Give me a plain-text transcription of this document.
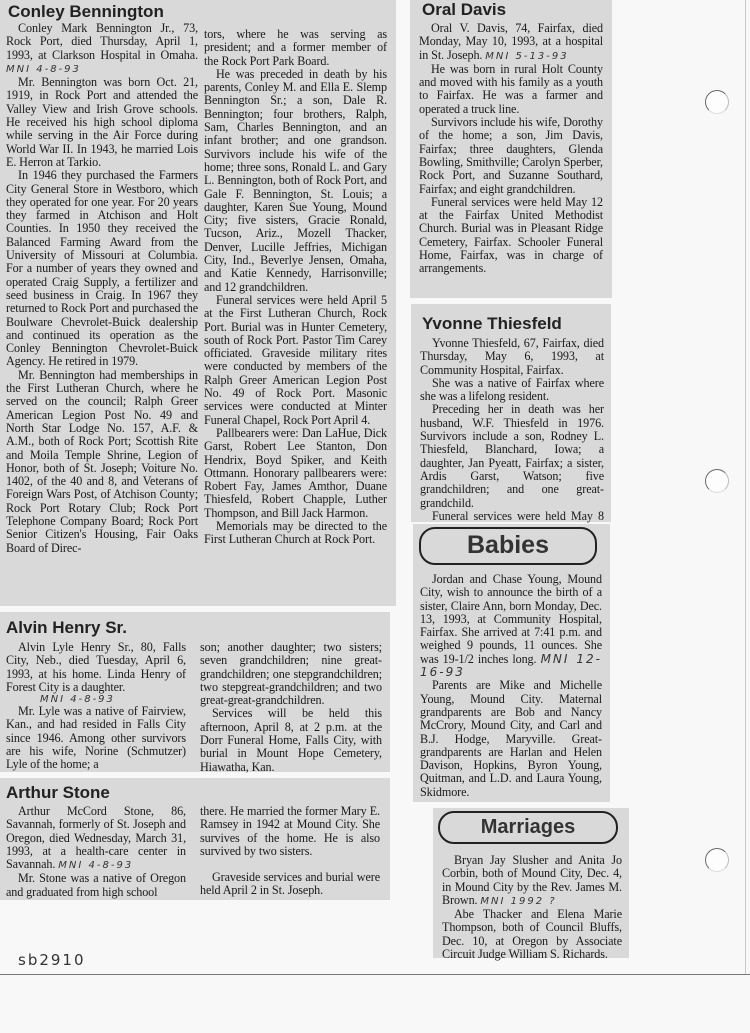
Conley Bennington

Conley Mark Bennington Jr., 73, Rock Port, died Thursday, April 1, 1993, at Clarkson Hospital in Omaha. MNI 4-8-93

Mr. Bennington was born Oct. 21, 1919, in Rock Port and attended the Valley View and Irish Grove schools. He received his high school diploma while serving in the Air Force during World War II. In 1943, he married Lois E. Herron at Tarkio.

In 1946 they purchased the Farmers City General Store in Westboro, which they operated for one year. For 20 years they farmed in Atchison and Holt Counties. In 1950 they received the Balanced Farming Award from the University of Missouri at Columbia. For a number of years they owned and operated Craig Supply, a fertilizer and seed business in Craig. In 1967 they returned to Rock Port and purchased the Boulware Chevrolet-Buick dealership and continued its operation as the Conley Bennington Chevrolet-Buick Agency. He retired in 1979.

Mr. Bennington had memberships in the First Lutheran Church, where he served on the council; Ralph Greer American Legion Post No. 49 and North Star Lodge No. 157, A.F. & A.M., both of Rock Port; Scottish Rite and Moila Temple Shrine, Legion of Honor, both of St. Joseph; Voiture No. 1402, of the 40 and 8, and Veterans of Foreign Wars Post, of Atchison County; Rock Port Rotary Club; Rock Port Telephone Company Board; Rock Port Senior Citizen's Housing, Fair Oaks Board of Direc-

tors, where he was serving as president; and a former member of the Rock Port Park Board.

He was preceded in death by his parents, Conley M. and Ella E. Slemp Bennington Sr.; a son, Dale R. Bennington; four brothers, Ralph, Sam, Charles Bennington, and an infant brother; and one grandson. Survivors include his wife of the home; three sons, Ronald L. and Gary L. Bennington, both of Rock Port, and Gale F. Bennington, St. Louis; a daughter, Karen Sue Young, Mound City; five sisters, Gracie Ronald, Tucson, Ariz., Mozell Thacker, Denver, Lucille Jeffries, Michigan City, Ind., Beverlye Jensen, Omaha, and Katie Kennedy, Harrisonville; and 12 grandchildren.

Funeral services were held April 5 at the First Lutheran Church, Rock Port. Burial was in Hunter Cemetery, south of Rock Port. Pastor Tim Carey officiated. Graveside military rites were conducted by members of the Ralph Greer American Legion Post No. 49 of Rock Port. Masonic services were conducted at Minter Funeral Chapel, Rock Port April 4.

Pallbearers were: Dan LaHue, Dick Garst, Robert Lee Stanton, Don Hendrix, Boyd Spiker, and Keith Ottmann. Honorary pallbearers were: Robert Fay, James Amthor, Duane Thiesfeld, Robert Chapple, Luther Thompson, and Bill Jack Harmon.

Memorials may be directed to the First Lutheran Church at Rock Port.

Alvin Henry Sr.

Alvin Lyle Henry Sr., 80, Falls City, Neb., died Tuesday, April 6, 1993, at his home. Linda Henry of Forest City is a daughter.

MNI 4-8-93

Mr. Lyle was a native of Fairview, Kan., and had resided in Falls City since 1946. Among other survivors are his wife, Norine (Schmutzer) Lyle of the home; a

son; another daughter; two sisters; seven grandchildren; nine great-grandchildren; one stepgrandchildren; two stepgreat-grandchildren; and two great-great-grandchildren.

Services will be held this afternoon, April 8, at 2 p.m. at the Dorr Funeral Home, Falls City, with burial in Mount Hope Cemetery, Hiawatha, Kan.

Arthur Stone

Arthur McCord Stone, 86, Savannah, formerly of St. Joseph and Oregon, died Wednesday, March 31, 1993, at a health-care center in Savannah. MNI 4-8-93

Mr. Stone was a native of Oregon and graduated from high school

there. He married the former Mary E. Ramsey in 1942 at Mound City. She survives of the home. He is also survived by two sisters.

Graveside services and burial were held April 2 in St. Joseph.

Oral Davis

Oral V. Davis, 74, Fairfax, died Monday, May 10, 1993, at a hospital in St. Joseph. MNI 5-13-93

He was born in rural Holt County and moved with his family as a youth to Fairfax. He was a farmer and operated a truck line.

Survivors include his wife, Dorothy of the home; a son, Jim Davis, Fairfax; three daughters, Glenda Bowling, Smithville; Carolyn Sperber, Rock Port, and Suzanne Southard, Fairfax; and eight grandchildren.

Funeral services were held May 12 at the Fairfax United Methodist Church. Burial was in Pleasant Ridge Cemetery, Fairfax. Schooler Funeral Home, Fairfax, was in charge of arrangements.

Yvonne Thiesfeld

Yvonne Thiesfeld, 67, Fairfax, died Thursday, May 6, 1993, at Community Hospital, Fairfax.

She was a native of Fairfax where she was a lifelong resident.

Preceding her in death was her husband, W.F. Thiesfeld in 1976. Survivors include a son, Rodney L. Thiesfeld, Blanchard, Iowa; a daughter, Jan Pyeatt, Fairfax; a sister, Ardis Garst, Watson; five grandchildren; and one great-grandchild.

Funeral services were held May 8

Babies

Jordan and Chase Young, Mound City, wish to announce the birth of a sister, Claire Ann, born Monday, Dec. 13, 1993, at Community Hospital, Fairfax. She arrived at 7:41 p.m. and weighed 9 pounds, 11 ounces. She was 19-1/2 inches long. MNI 12-16-93

Parents are Mike and Michelle Young, Mound City. Maternal grandparents are Bob and Nancy McCrory, Mound City, and Carl and B.J. Hodge, Maryville. Great-grandparents are Harlan and Helen Davison, Hopkins, Byron Young, Quitman, and L.D. and Laura Young, Skidmore.

Marriages

Bryan Jay Slusher and Anita Jo Corbin, both of Mound City, Dec. 4, in Mound City by the Rev. James M. Brown. MNI 1992 ?

Abe Thacker and Elena Marie Thompson, both of Council Bluffs, Dec. 10, at Oregon by Associate Circuit Judge William S. Richards.

sb2910
